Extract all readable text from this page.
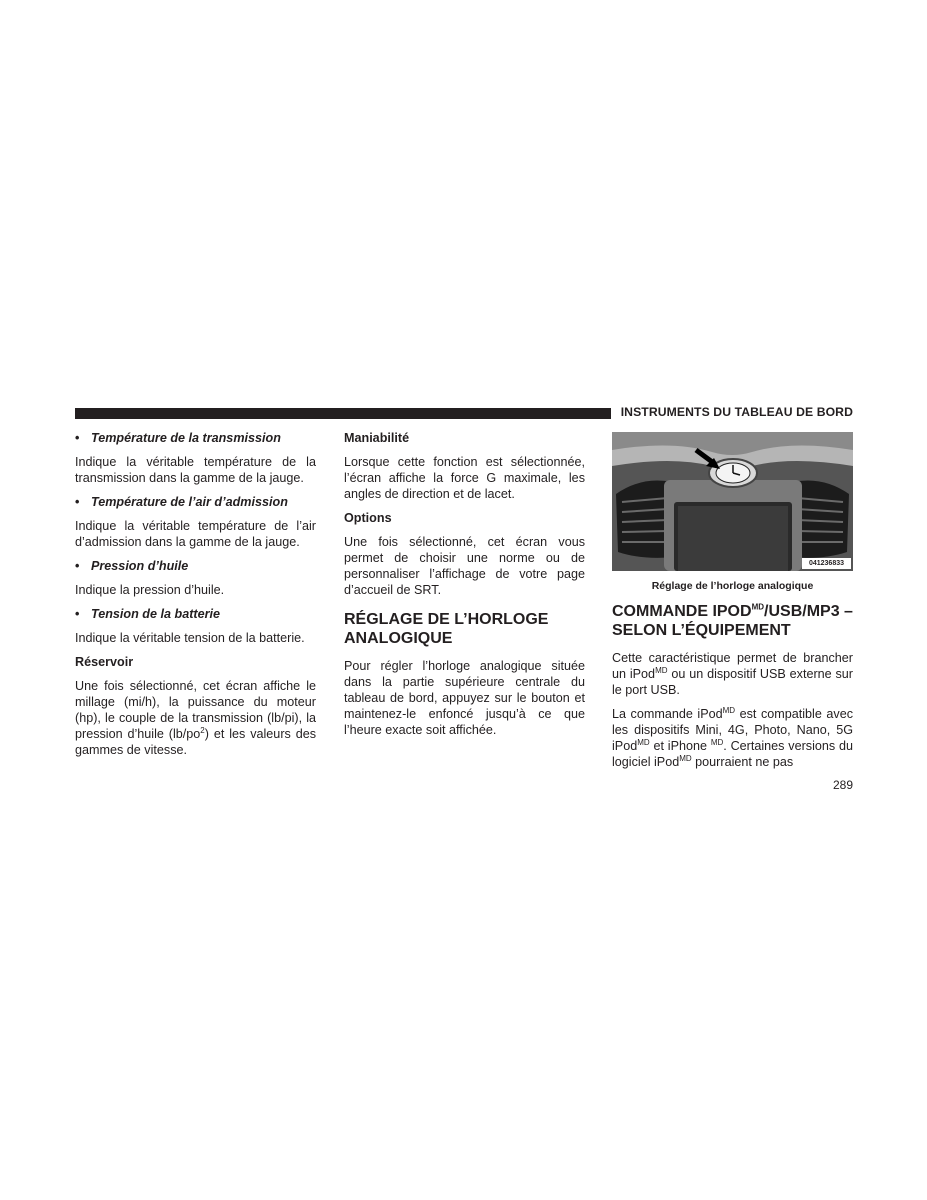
INSTRUMENTS DU TABLEAU DE BORD
• Température de la transmission

Indique la véritable température de la transmission dans la gamme de la jauge.

• Température de l’air d’admission

Indique la véritable température de l’air d’admission dans la gamme de la jauge.

• Pression d’huile

Indique la pression d’huile.

• Tension de la batterie

Indique la véritable tension de la batterie.

Réservoir

Une fois sélectionné, cet écran affiche le millage (mi/h), la puissance du moteur (hp), le couple de la transmission (lb/pi), la pression d’huile $(lb/po^2)$ et les valeurs des gammes de vitesse.

Maniabilité

Lorsque cette fonction est sélectionnée, l’écran affiche la force G maximale, les angles de direction et de lacet.

Options

Une fois sélectionné, cet écran vous permet de choisir une norme ou de personnaliser l’affichage de votre page d’accueil de SRT.

RÉGLAGE DE L’HORLOGE ANALOGIQUE

Pour régler l’horloge analogique située dans la partie supérieure centrale du tableau de bord, appuyez sur le bouton et maintenez-le enfoncé jusqu’à ce que l’heure exacte soit affichée.

041236833
Réglage de l’horloge analogique
COMMANDE $IPOD^{MD}/USB/MP3$ – SELON L’ÉQUIPEMENT

Cette caractéristique permet de brancher un iPod$^{MD}$ ou un dispositif USB externe sur le port USB.

La commande iPod$^{MD}$ est compatible avec les dispositifs Mini, 4G, Photo, Nano, 5G iPod$^{MD}$ et iPhone $^{MD}$. Certaines versions du logiciel iPod$^{MD}$ pourraient ne pas

289
